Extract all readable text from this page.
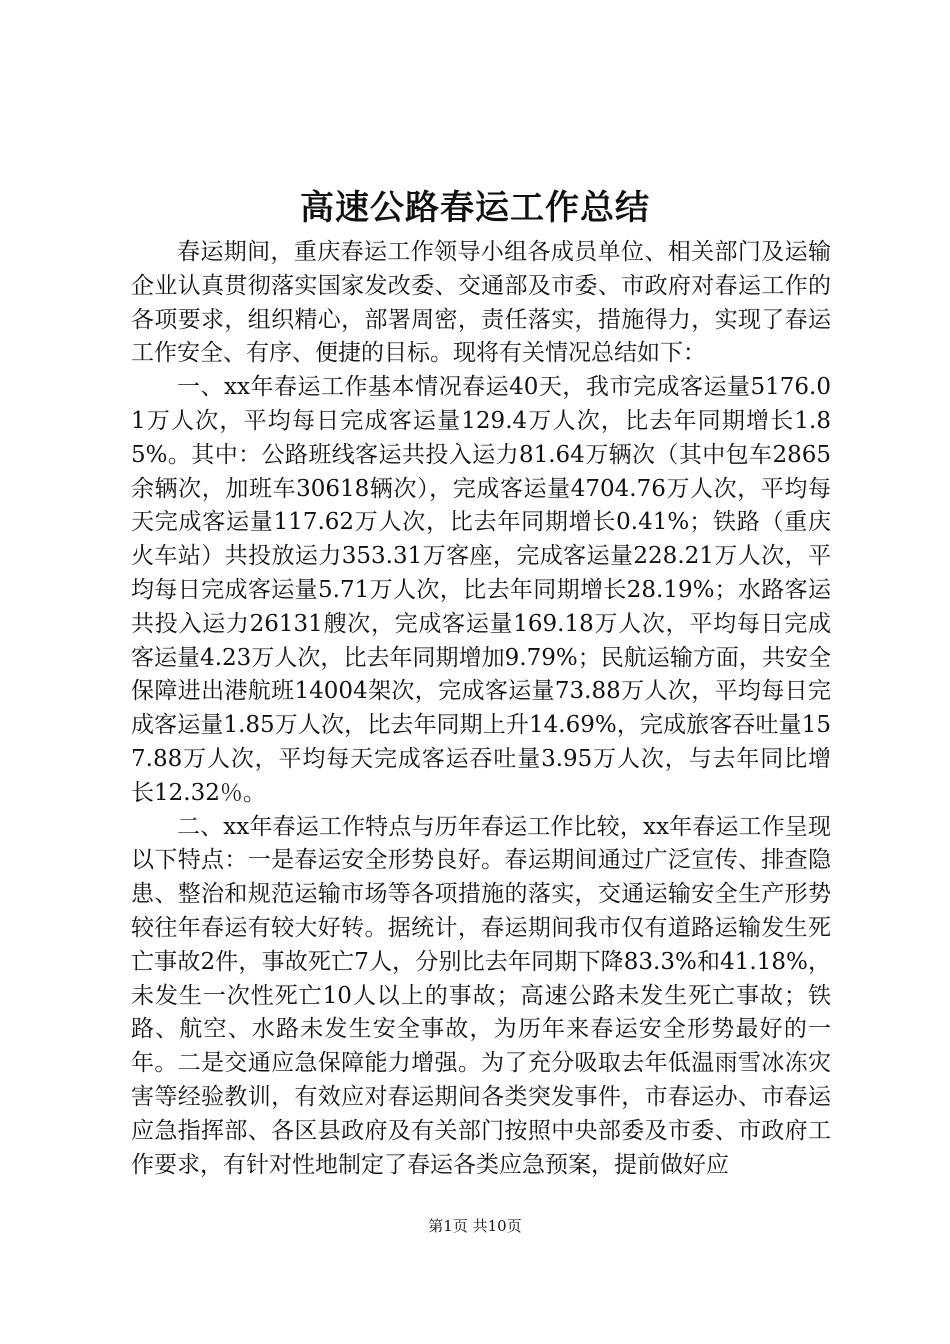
高速公路春运工作总结

春运期间，重庆春运工作领导小组各成员单位、相关部门及运输企业认真贯彻落实国家发改委、交通部及市委、市政府对春运工作的各项要求，组织精心，部署周密，责任落实，措施得力，实现了春运工作安全、有序、便捷的目标。现将有关情况总结如下：

一、xx年春运工作基本情况春运40天，我市完成客运量5176.01万人次，平均每日完成客运量129.4万人次，比去年同期增长1.85%。其中：公路班线客运共投入运力81.64万辆次（其中包车2865余辆次，加班车30618辆次），完成客运量4704.76万人次，平均每天完成客运量117.62万人次，比去年同期增长0.41%；铁路（重庆火车站）共投放运力353.31万客座，完成客运量228.21万人次，平均每日完成客运量5.71万人次，比去年同期增长28.19%；水路客运共投入运力26131艘次，完成客运量169.18万人次，平均每日完成客运量4.23万人次，比去年同期增加9.79%；民航运输方面，共安全保障进出港航班14004架次，完成客运量73.88万人次，平均每日完成客运量1.85万人次，比去年同期上升14.69%，完成旅客吞吐量157.88万人次，平均每天完成客运吞吐量3.95万人次，与去年同比增长12.32％。

二、xx年春运工作特点与历年春运工作比较，xx年春运工作呈现以下特点：一是春运安全形势良好。春运期间通过广泛宣传、排查隐患、整治和规范运输市场等各项措施的落实，交通运输安全生产形势较往年春运有较大好转。据统计，春运期间我市仅有道路运输发生死亡事故2件，事故死亡7人，分别比去年同期下降83.3%和41.18%，未发生一次性死亡10人以上的事故；高速公路未发生死亡事故；铁路、航空、水路未发生安全事故，为历年来春运安全形势最好的一年。二是交通应急保障能力增强。为了充分吸取去年低温雨雪冰冻灾害等经验教训，有效应对春运期间各类突发事件，市春运办、市春运应急指挥部、各区县政府及有关部门按照中央部委及市委、市政府工作要求，有针对性地制定了春运各类应急预案，提前做好应

第1页 共10页
